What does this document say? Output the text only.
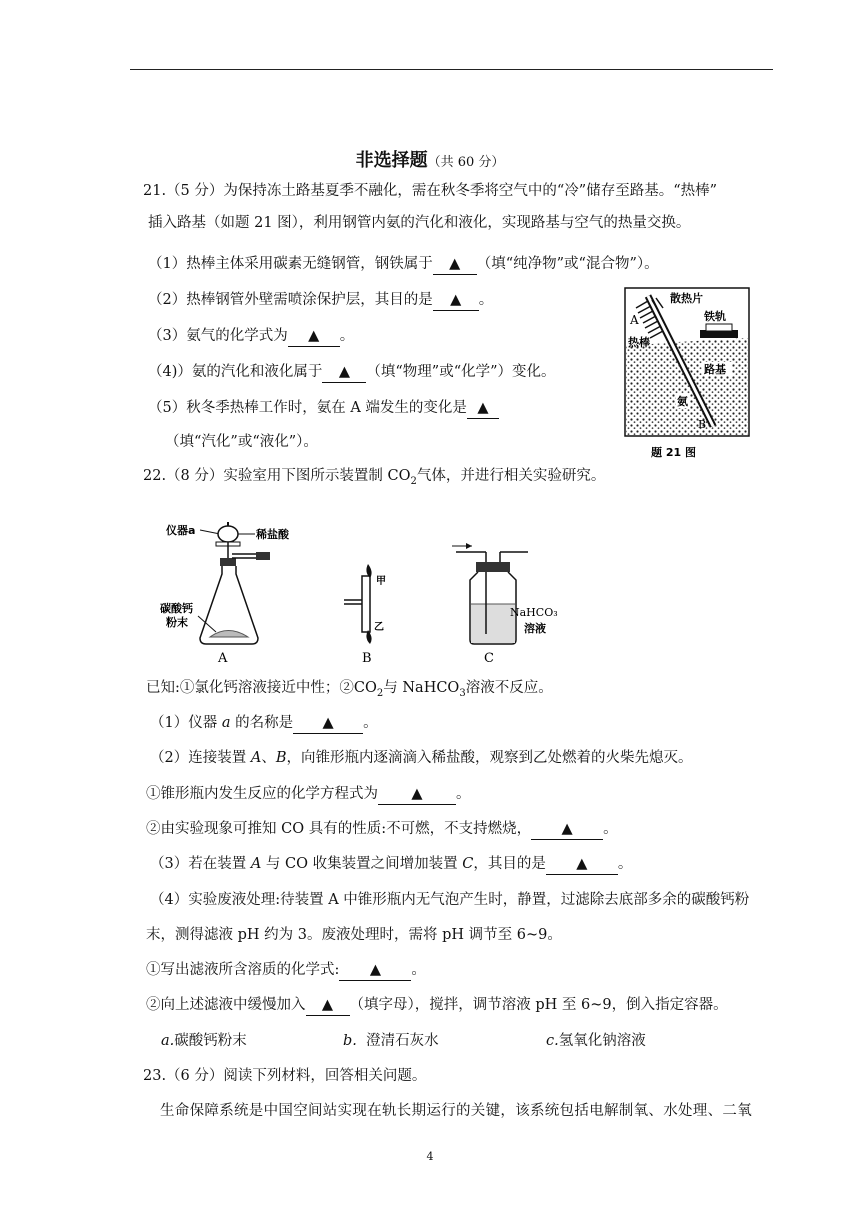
非选择题（共 60 分）
21.（5 分）为保持冻土路基夏季不融化，需在秋冬季将空气中的“冷”储存至路基。“热棒”
插入路基（如题 21 图），利用钢管内氨的汽化和液化，实现路基与空气的热量交换。
（1）热棒主体采用碳素无缝钢管，钢铁属于 ▲ （填“纯净物”或“混合物”）。
（2）热棒钢管外壁需喷涂保护层，其目的是 ▲ 。
（3）氨气的化学式为 ▲ 。
（4)）氨的汽化和液化属于 ▲ （填“物理”或“化学”）变化。
（5）秋冬季热棒工作时，氨在 A 端发生的变化是 ▲
（填“汽化”或“液化”）。
散热片
铁轨
A
热棒
路基
氨
B
题 21 图
22.（8 分）实验室用下图所示装置制 $CO_2$气体，并进行相关实验研究。
仪器a	稀盐酸
碳酸钙
粉末
A
甲
乙
B
NaHCO₃
溶液
C
已知:①氯化钙溶液接近中性；$②CO_2$与 NaHCO$_3$溶液不反应。
（1）仪器 a 的名称是 ▲ 。
（2）连接装置 A、B，向锥形瓶内逐滴滴入稀盐酸，观察到乙处燃着的火柴先熄灭。
①锥形瓶内发生反应的化学方程式为 ▲ 。
②由实验现象可推知 CO 具有的性质:不可燃，不支持燃烧， ▲ 。
（3）若在装置 A 与 CO 收集装置之间增加装置 C，其目的是 ▲ 。
（4）实验废液处理:待装置 A 中锥形瓶内无气泡产生时，静置，过滤除去底部多余的碳酸钙粉
末，测得滤液 pH 约为 3。废液处理时，需将 pH 调节至 6~9。
①写出滤液所含溶质的化学式: ▲ 。
②向上述滤液中缓慢加入 ▲ （填字母），搅拌，调节溶液 pH 至 6~9，倒入指定容器。
a.碳酸钙粉末	b. 澄清石灰水	c.氢氧化钠溶液
23.（6 分）阅读下列材料，回答相关问题。
生命保障系统是中国空间站实现在轨长期运行的关键，该系统包括电解制氧、水处理、二氧
4
